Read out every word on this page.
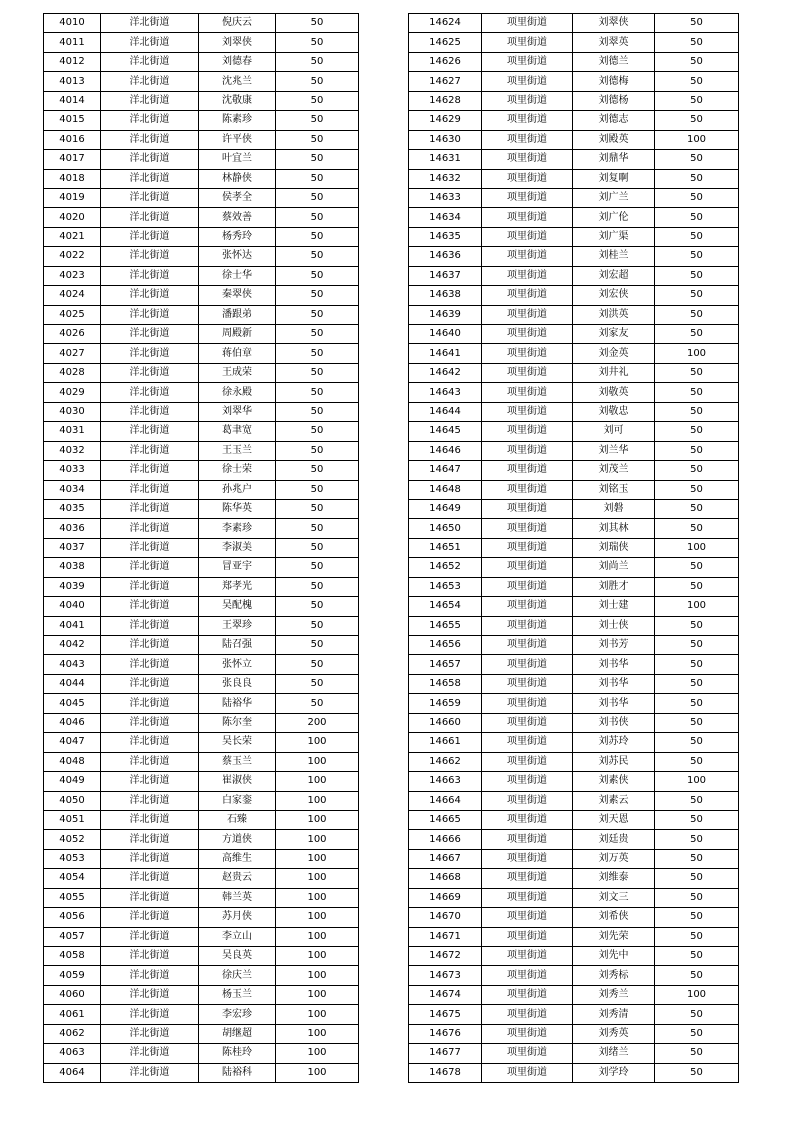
4010	洋北街道	倪庆云	50
4011	洋北街道	刘翠侠	50
4012	洋北街道	刘德春	50
4013	洋北街道	沈兆兰	50
4014	洋北街道	沈敬康	50
4015	洋北街道	陈素珍	50
4016	洋北街道	许平侠	50
4017	洋北街道	叶宜兰	50
4018	洋北街道	林静侠	50
4019	洋北街道	侯孝全	50
4020	洋北街道	蔡效善	50
4021	洋北街道	杨秀玲	50
4022	洋北街道	张怀达	50
4023	洋北街道	徐士华	50
4024	洋北街道	秦翠侠	50
4025	洋北街道	潘跟弟	50
4026	洋北街道	周殿新	50
4027	洋北街道	蒋伯章	50
4028	洋北街道	王成荣	50
4029	洋北街道	徐永殿	50
4030	洋北街道	刘翠华	50
4031	洋北街道	葛聿宽	50
4032	洋北街道	王玉兰	50
4033	洋北街道	徐士荣	50
4034	洋北街道	孙兆户	50
4035	洋北街道	陈华英	50
4036	洋北街道	李素珍	50
4037	洋北街道	李淑美	50
4038	洋北街道	冒亚宇	50
4039	洋北街道	郑孝光	50
4040	洋北街道	吴配槐	50
4041	洋北街道	王翠珍	50
4042	洋北街道	陆召强	50
4043	洋北街道	张怀立	50
4044	洋北街道	张良良	50
4045	洋北街道	陆裕华	50
4046	洋北街道	陈尔奎	200
4047	洋北街道	吴长荣	100
4048	洋北街道	蔡玉兰	100
4049	洋北街道	崔淑侠	100
4050	洋北街道	白家銮	100
4051	洋北街道	石臻	100
4052	洋北街道	方道侠	100
4053	洋北街道	高维生	100
4054	洋北街道	赵贵云	100
4055	洋北街道	韩兰英	100
4056	洋北街道	苏月侠	100
4057	洋北街道	李立山	100
4058	洋北街道	吴良英	100
4059	洋北街道	徐庆兰	100
4060	洋北街道	杨玉兰	100
4061	洋北街道	李宏珍	100
4062	洋北街道	胡继超	100
4063	洋北街道	陈桂玲	100
4064	洋北街道	陆裕科	100
14624	项里街道	刘翠侠	50
14625	项里街道	刘翠英	50
14626	项里街道	刘德兰	50
14627	项里街道	刘德梅	50
14628	项里街道	刘德杨	50
14629	项里街道	刘德志	50
14630	项里街道	刘殿英	100
14631	项里街道	刘鼎华	50
14632	项里街道	刘复啊	50
14633	项里街道	刘广兰	50
14634	项里街道	刘广伦	50
14635	项里街道	刘广渠	50
14636	项里街道	刘桂兰	50
14637	项里街道	刘宏超	50
14638	项里街道	刘宏侠	50
14639	项里街道	刘洪英	50
14640	项里街道	刘家友	50
14641	项里街道	刘金英	100
14642	项里街道	刘井礼	50
14643	项里街道	刘敬英	50
14644	项里街道	刘敬忠	50
14645	项里街道	刘可	50
14646	项里街道	刘兰华	50
14647	项里街道	刘茂兰	50
14648	项里街道	刘铭玉	50
14649	项里街道	刘磐	50
14650	项里街道	刘其林	50
14651	项里街道	刘瑞侠	100
14652	项里街道	刘尚兰	50
14653	项里街道	刘胜才	50
14654	项里街道	刘士建	100
14655	项里街道	刘士侠	50
14656	项里街道	刘书芳	50
14657	项里街道	刘书华	50
14658	项里街道	刘书华	50
14659	项里街道	刘书华	50
14660	项里街道	刘书侠	50
14661	项里街道	刘苏玲	50
14662	项里街道	刘苏民	50
14663	项里街道	刘素侠	100
14664	项里街道	刘素云	50
14665	项里街道	刘天恩	50
14666	项里街道	刘廷贵	50
14667	项里街道	刘万英	50
14668	项里街道	刘维泰	50
14669	项里街道	刘文三	50
14670	项里街道	刘希侠	50
14671	项里街道	刘先荣	50
14672	项里街道	刘先中	50
14673	项里街道	刘秀标	50
14674	项里街道	刘秀兰	100
14675	项里街道	刘秀清	50
14676	项里街道	刘秀英	50
14677	项里街道	刘绪兰	50
14678	项里街道	刘学玲	50
